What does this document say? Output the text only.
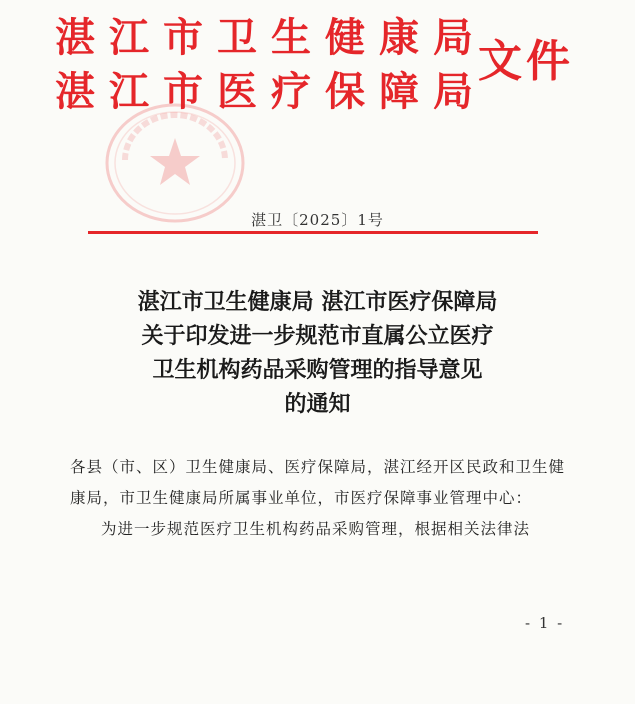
湛江市卫生健康局
湛江市医疗保障局
文件
湛卫〔2025〕1号
湛江市卫生健康局 湛江市医疗保障局
关于印发进一步规范市直属公立医疗
卫生机构药品采购管理的指导意见
的通知

各县（市、区）卫生健康局、医疗保障局，湛江经开区民政和卫生健康局，市卫生健康局所属事业单位，市医疗保障事业管理中心：

为进一步规范医疗卫生机构药品采购管理，根据相关法律法

- 1 -
